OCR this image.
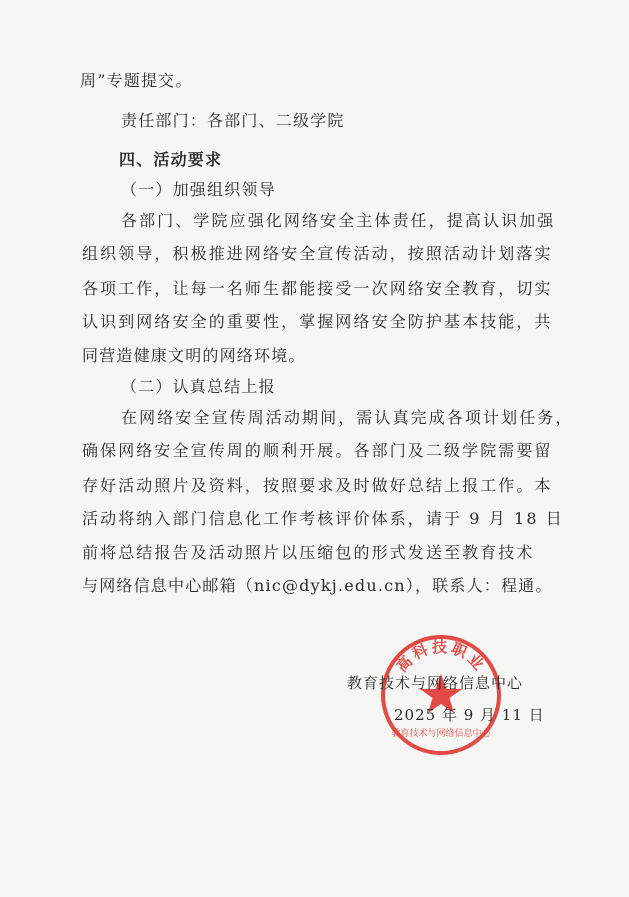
周”专题提交。
责任部门：各部门、二级学院
四、活动要求
（一）加强组织领导
各部门、学院应强化网络安全主体责任，提高认识加强
组织领导，积极推进网络安全宣传活动，按照活动计划落实
各项工作，让每一名师生都能接受一次网络安全教育，切实
认识到网络安全的重要性，掌握网络安全防护基本技能，共
同营造健康文明的网络环境。
（二）认真总结上报
在网络安全宣传周活动期间，需认真完成各项计划任务，
确保网络安全宣传周的顺利开展。各部门及二级学院需要留
存好活动照片及资料，按照要求及时做好总结上报工作。本
活动将纳入部门信息化工作考核评价体系，请于 9 月 18 日
前将总结报告及活动照片以压缩包的形式发送至教育技术
与网络信息中心邮箱（nic@dykj.edu.cn），联系人：程通。
高科技职业
教育技术与网络信息中心
教育技术与网络信息中心
2025 年 9 月 11 日
